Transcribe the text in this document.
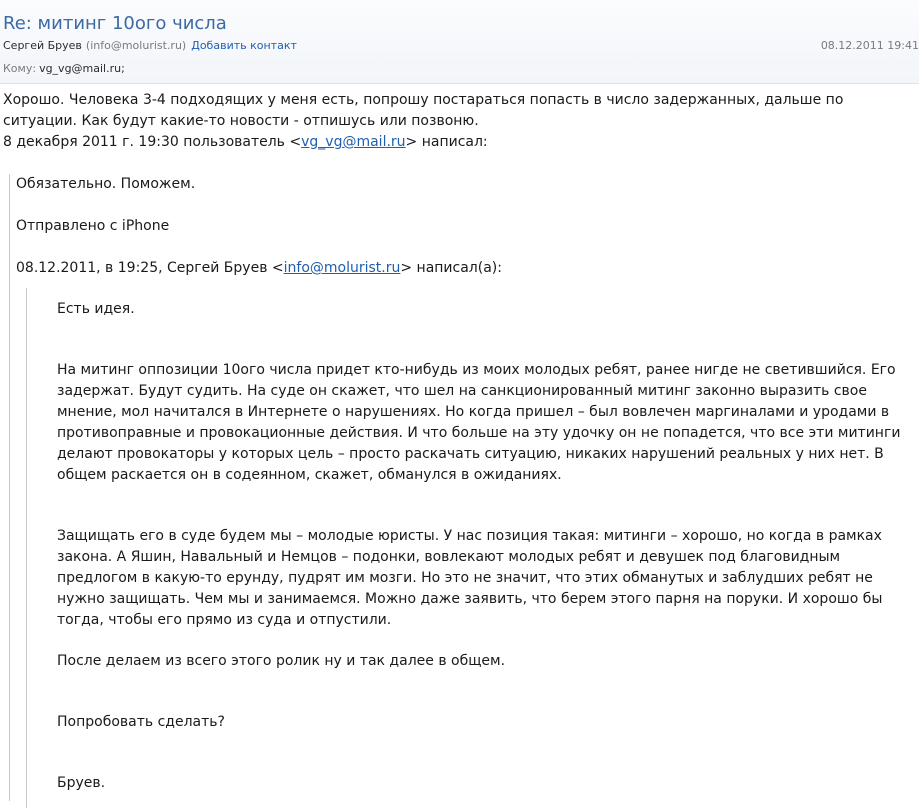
Re: митинг 10ого числа
Сергей Бруев (info@molurist.ru) Добавить контакт	08.12.2011 19:41
Кому: vg_vg@mail.ru;

Хорошо. Человека 3-4 подходящих у меня есть, попрошу постараться попасть в число задержанных, дальше по ситуации. Как будут какие-то новости - отпишусь или позвоню.

8 декабря 2011 г. 19:30 пользователь <vg_vg@mail.ru> написал:

Обязательно. Поможем.
Отправлено с iPhone
08.12.2011, в 19:25, Сергей Бруев <info@molurist.ru> написал(а):

Есть идея.

На митинг оппозиции 10ого числа придет кто-нибудь из моих молодых ребят, ранее нигде не светившийся. Его задержат. Будут судить. На суде он скажет, что шел на санкционированный митинг законно выразить свое мнение, мол начитался в Интернете о нарушениях. Но когда пришел – был вовлечен маргиналами и уродами в противоправные и провокационные действия. И что больше на эту удочку он не попадется, что все эти митинги делают провокаторы у которых цель – просто раскачать ситуацию, никаких нарушений реальных у них нет. В общем раскается он в содеянном, скажет, обманулся в ожиданиях.

Защищать его в суде будем мы – молодые юристы. У нас позиция такая: митинги – хорошо, но когда в рамках закона. А Яшин, Навальный и Немцов – подонки, вовлекают молодых ребят и девушек под благовидным предлогом в какую-то ерунду, пудрят им мозги. Но это не значит, что этих обманутых и заблудших ребят не нужно защищать. Чем мы и занимаемся. Можно даже заявить, что берем этого парня на поруки. И хорошо бы тогда, чтобы его прямо из суда и отпустили.

После делаем из всего этого ролик ну и так далее в общем.

Попробовать сделать?

Бруев.
